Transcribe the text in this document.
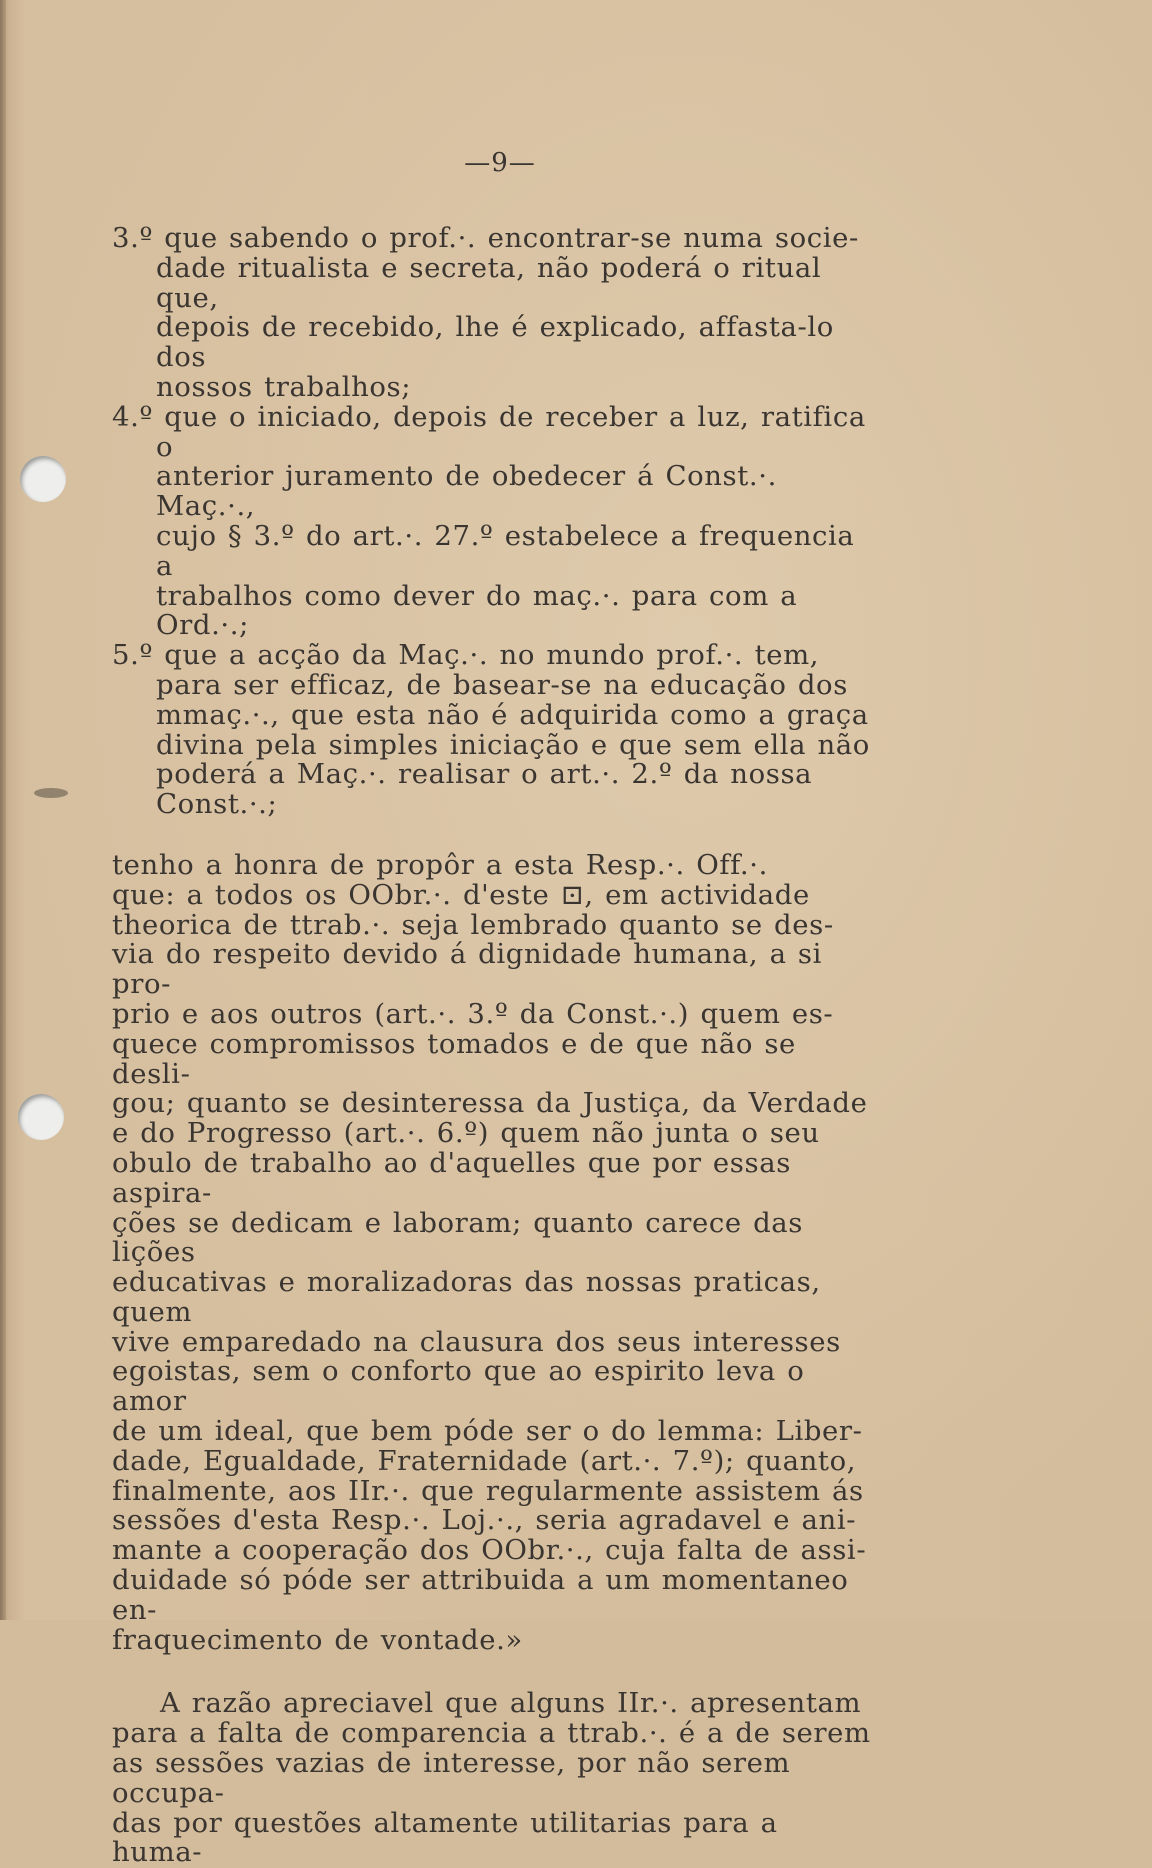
—9—

3.º que sabendo o prof.·. encontrar-se numa socie-
dade ritualista e secreta, não poderá o ritual que,
depois de recebido, lhe é explicado, affasta-lo dos
nossos trabalhos;

4.º que o iniciado, depois de receber a luz, ratifica o
anterior juramento de obedecer á Const.·. Maç.·.,
cujo § 3.º do art.·. 27.º estabelece a frequencia a
trabalhos como dever do maç.·. para com a Ord.·.;

5.º que a acção da Maç.·. no mundo prof.·. tem,
para ser efficaz, de basear-se na educação dos
mmaç.·., que esta não é adquirida como a graça
divina pela simples iniciação e que sem ella não
poderá a Maç.·. realisar o art.·. 2.º da nossa
Const.·.;

tenho a honra de propôr a esta Resp.·. Off.·.
que: a todos os OObr.·. d'este ⊡, em actividade
theorica de ttrab.·. seja lembrado quanto se des-
via do respeito devido á dignidade humana, a si pro-
prio e aos outros (art.·. 3.º da Const.·.) quem es-
quece compromissos tomados e de que não se desli-
gou; quanto se desinteressa da Justiça, da Verdade
e do Progresso (art.·. 6.º) quem não junta o seu
obulo de trabalho ao d'aquelles que por essas aspira-
ções se dedicam e laboram; quanto carece das lições
educativas e moralizadoras das nossas praticas, quem
vive emparedado na clausura dos seus interesses
egoistas, sem o conforto que ao espirito leva o amor
de um ideal, que bem póde ser o do lemma: Liber-
dade, Egualdade, Fraternidade (art.·. 7.º); quanto,
finalmente, aos IIr.·. que regularmente assistem ás
sessões d'esta Resp.·. Loj.·., seria agradavel e ani-
mante a cooperação dos OObr.·., cuja falta de assi-
duidade só póde ser attribuida a um momentaneo en-
fraquecimento de vontade.»

A razão apreciavel que alguns IIr.·. apresentam
para a falta de comparencia a ttrab.·. é a de serem
as sessões vazias de interesse, por não serem occupa-
das por questões altamente utilitarias para a huma-
